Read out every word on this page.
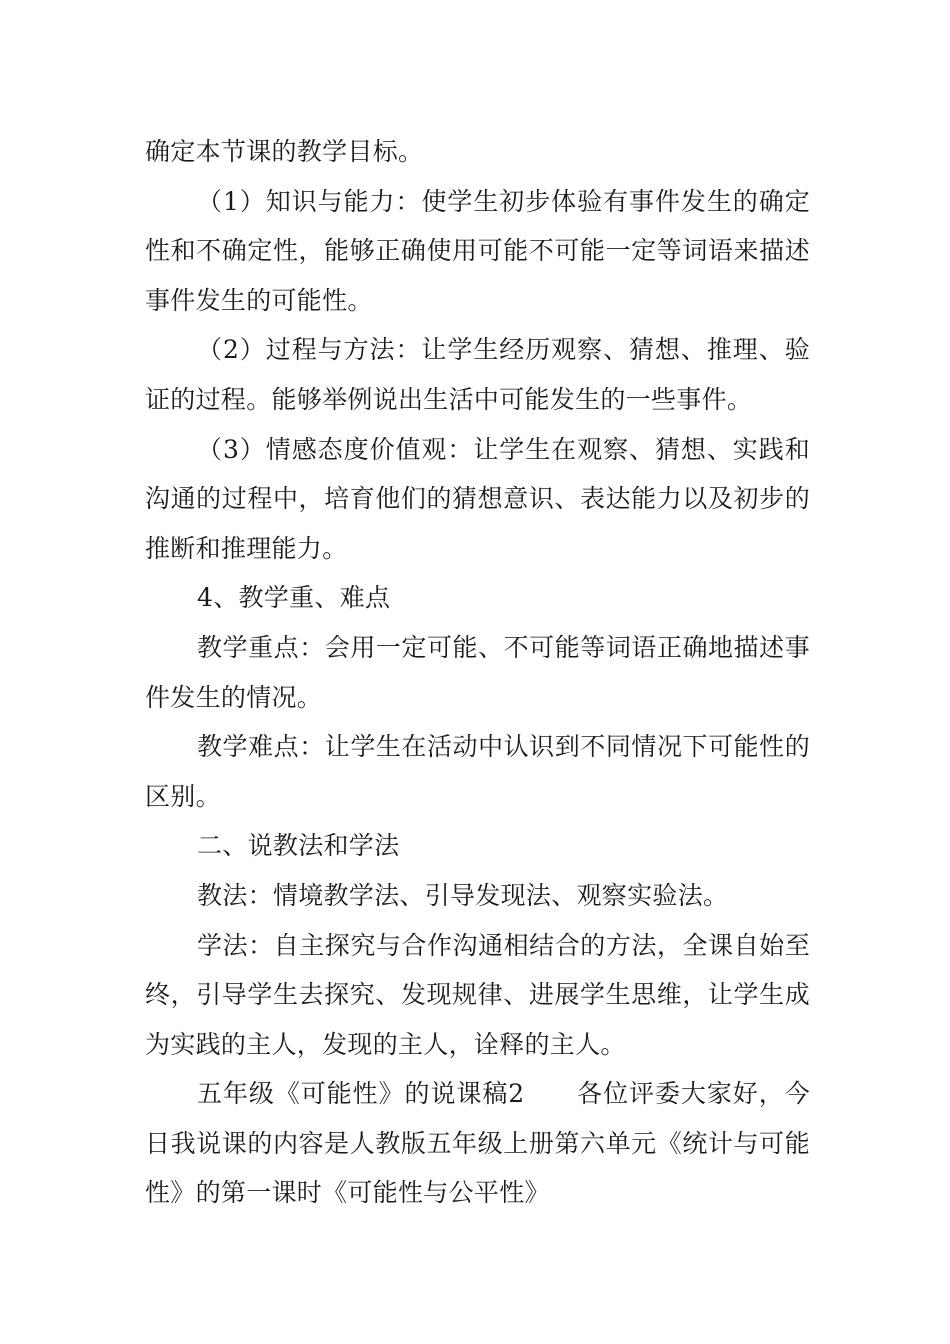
确定本节课的教学目标。

（1）知识与能力：使学生初步体验有事件发生的确定性和不确定性，能够正确使用可能不可能一定等词语来描述事件发生的可能性。

（2）过程与方法：让学生经历观察、猜想、推理、验证的过程。能够举例说出生活中可能发生的一些事件。

（3）情感态度价值观：让学生在观察、猜想、实践和沟通的过程中，培育他们的猜想意识、表达能力以及初步的推断和推理能力。

4、教学重、难点

教学重点：会用一定可能、不可能等词语正确地描述事件发生的情况。

教学难点：让学生在活动中认识到不同情况下可能性的区别。

二、说教法和学法

教法：情境教学法、引导发现法、观察实验法。

学法：自主探究与合作沟通相结合的方法，全课自始至终，引导学生去探究、发现规律、进展学生思维，让学生成为实践的主人，发现的主人，诠释的主人。

五年级《可能性》的说课稿2 各位评委大家好，今日我说课的内容是人教版五年级上册第六单元《统计与可能性》的第一课时《可能性与公平性》
